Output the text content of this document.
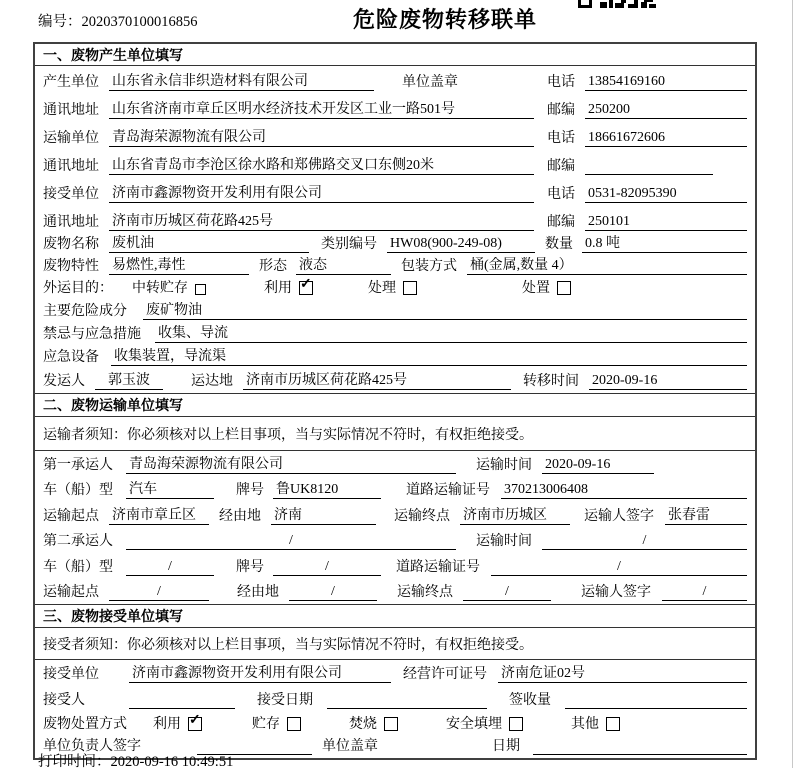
编号：2020370100016856	危险废物转移联单
一、废物产生单位填写
产生单位 山东省永信非织造材料有限公司	单位盖章	电话 13854169160
通讯地址 山东省济南市章丘区明水经济技术开发区工业一路501号	邮编 250200
运输单位 青岛海荣源物流有限公司	电话 18661672606
通讯地址 山东省青岛市李沧区徐水路和郑佛路交叉口东侧20米	邮编
接受单位 济南市鑫源物资开发利用有限公司	电话 0531-82095390
通讯地址 济南市历城区荷花路425号	邮编 250101
废物名称 废机油	类别编号 HW08(900-249-08)	数量 0.8 吨
废物特性 易燃性,毒性	形态 液态	包装方式 桶(金属,数量 4）
外运目的：	中转贮存	利用 ✓	处理	处置
主要危险成分 废矿物油
禁忌与应急措施 收集、导流
应急设备 收集装置，导流渠
发运人	郭玉波	运达地 济南市历城区荷花路425号	转移时间 2020-09-16
二、废物运输单位填写
运输者须知：你必须核对以上栏目事项，当与实际情况不符时，有权拒绝接受。
第一承运人 青岛海荣源物流有限公司	运输时间 2020-09-16
车（船）型 汽车	牌号 鲁UK8120	道路运输证号 370213006408
运输起点 济南市章丘区	经由地 济南	运输终点 济南市历城区	运输人签字 张春雷
第二承运人	/	运输时间	/
车（船）型	/	牌号	/	道路运输证号	/
运输起点	/	经由地	/	运输终点	/	运输人签字	/
三、废物接受单位填写
接受者须知：你必须核对以上栏目事项，当与实际情况不符时，有权拒绝接受。
接受单位 济南市鑫源物资开发利用有限公司	经营许可证号 济南危证02号
接受人	接受日期	签收量
废物处置方式 利用 ✓	贮存	焚烧	安全填埋	其他
单位负责人签字	单位盖章	日期
打印时间：2020-09-16 10:49:51
